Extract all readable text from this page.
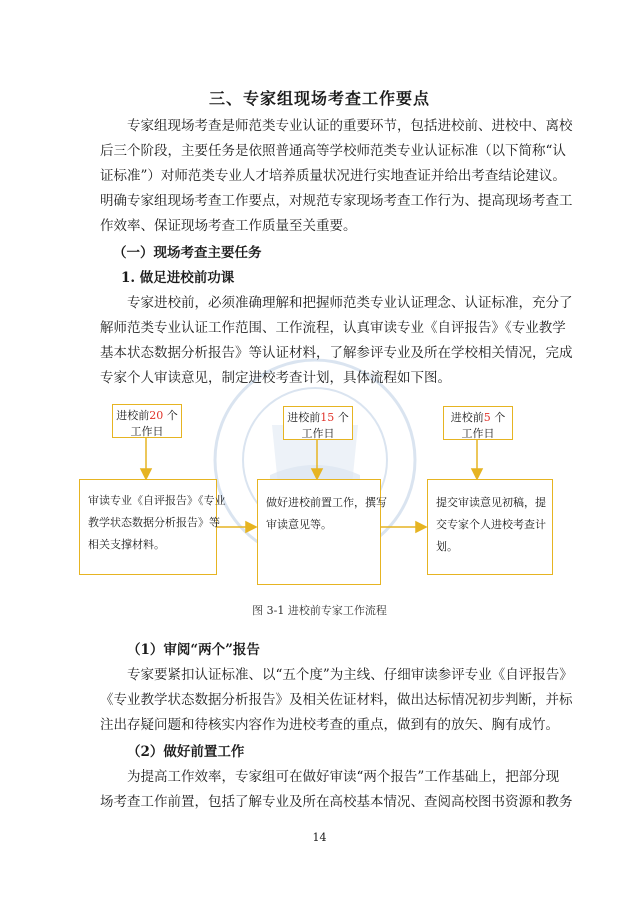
三、专家组现场考查工作要点
专家组现场考查是师范类专业认证的重要环节，包括进校前、进校中、离校
后三个阶段，主要任务是依照普通高等学校师范类专业认证标准（以下简称“认
证标准”）对师范类专业人才培养质量状况进行实地查证并给出考查结论建议。
明确专家组现场考查工作要点，对规范专家现场考查工作行为、提高现场考查工
作效率、保证现场考查工作质量至关重要。
（一）现场考查主要任务
1. 做足进校前功课
专家进校前，必须准确理解和把握师范类专业认证理念、认证标准，充分了
解师范类专业认证工作范围、工作流程，认真审读专业《自评报告》《专业教学
基本状态数据分析报告》等认证材料，了解参评专业及所在学校相关情况，完成
专家个人审读意见，制定进校考查计划，具体流程如下图。
进校前20 个
工作日
进校前15 个
工作日
进校前5 个
工作日
审读专业《自评报告》《专业
教学状态数据分析报告》等
相关支撑材料。
做好进校前置工作，撰写
审读意见等。
提交审读意见初稿，提
交专家个人进校考查计
划。
图 3-1 进校前专家工作流程
（1）审阅“两个”报告
专家要紧扣认证标准、以“五个度”为主线、仔细审读参评专业《自评报告》
《专业教学状态数据分析报告》及相关佐证材料，做出达标情况初步判断，并标
注出存疑问题和待核实内容作为进校考查的重点，做到有的放矢、胸有成竹。
（2）做好前置工作
为提高工作效率，专家组可在做好审读“两个报告”工作基础上，把部分现
场考查工作前置，包括了解专业及所在高校基本情况、查阅高校图书资源和教务
14
